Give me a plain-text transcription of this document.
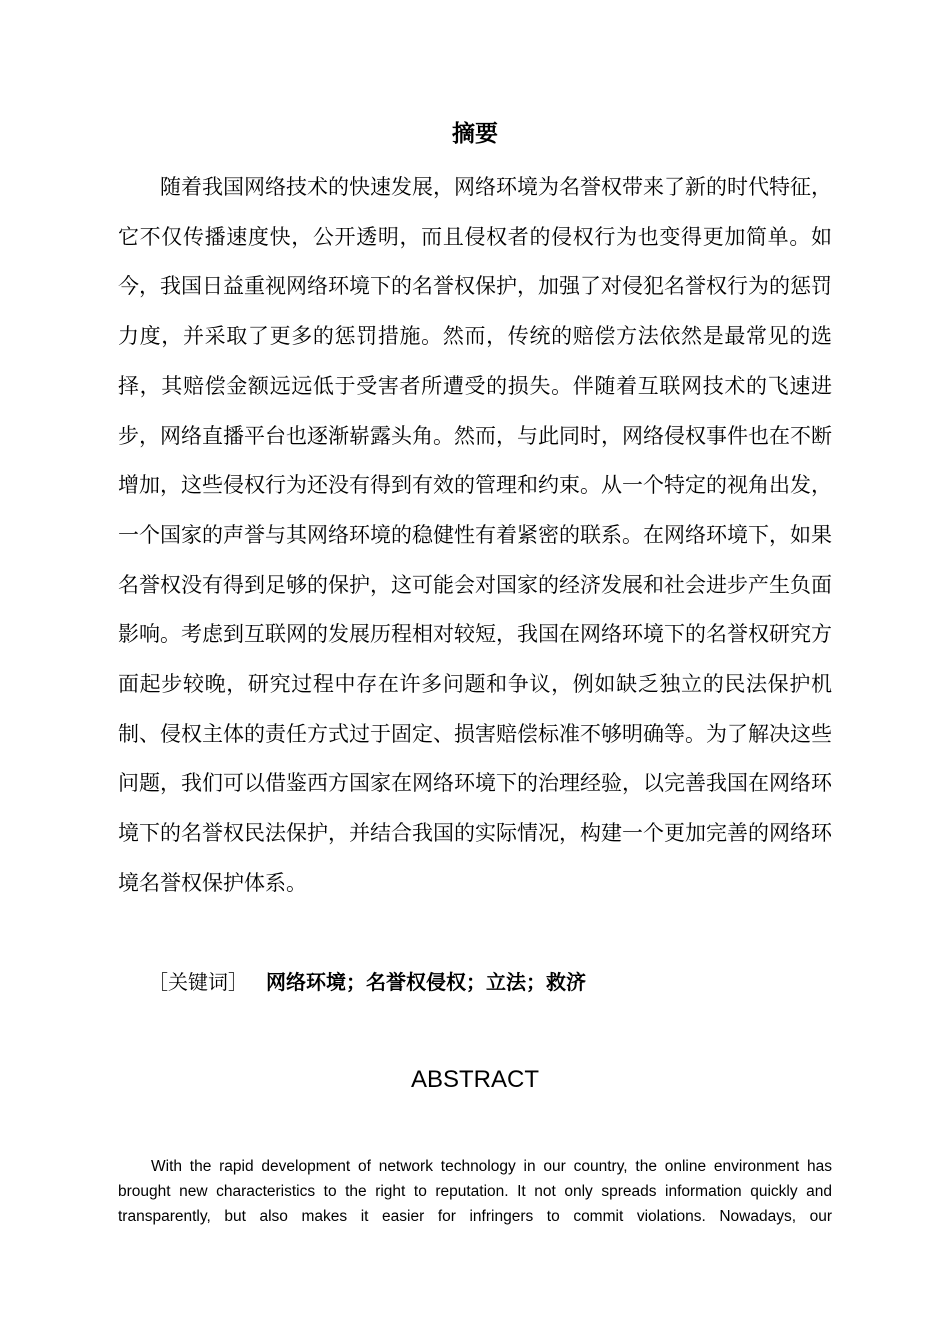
摘要

随着我国网络技术的快速发展，网络环境为名誉权带来了新的时代特征，它不仅传播速度快，公开透明，而且侵权者的侵权行为也变得更加简单。如今，我国日益重视网络环境下的名誉权保护，加强了对侵犯名誉权行为的惩罚力度，并采取了更多的惩罚措施。然而，传统的赔偿方法依然是最常见的选择，其赔偿金额远远低于受害者所遭受的损失。伴随着互联网技术的飞速进步，网络直播平台也逐渐崭露头角。然而，与此同时，网络侵权事件也在不断增加，这些侵权行为还没有得到有效的管理和约束。从一个特定的视角出发，一个国家的声誉与其网络环境的稳健性有着紧密的联系。在网络环境下，如果名誉权没有得到足够的保护，这可能会对国家的经济发展和社会进步产生负面影响。考虑到互联网的发展历程相对较短，我国在网络环境下的名誉权研究方面起步较晚，研究过程中存在许多问题和争议，例如缺乏独立的民法保护机制、侵权主体的责任方式过于固定、损害赔偿标准不够明确等。为了解决这些问题，我们可以借鉴西方国家在网络环境下的治理经验，以完善我国在网络环境下的名誉权民法保护，并结合我国的实际情况，构建一个更加完善的网络环境名誉权保护体系。

［关键词］ 网络环境；名誉权侵权；立法；救济

ABSTRACT

With the rapid development of network technology in our country, the online environment has brought new characteristics to the right to reputation. It not only spreads information quickly and transparently, but also makes it easier for infringers to commit violations. Nowadays, our
